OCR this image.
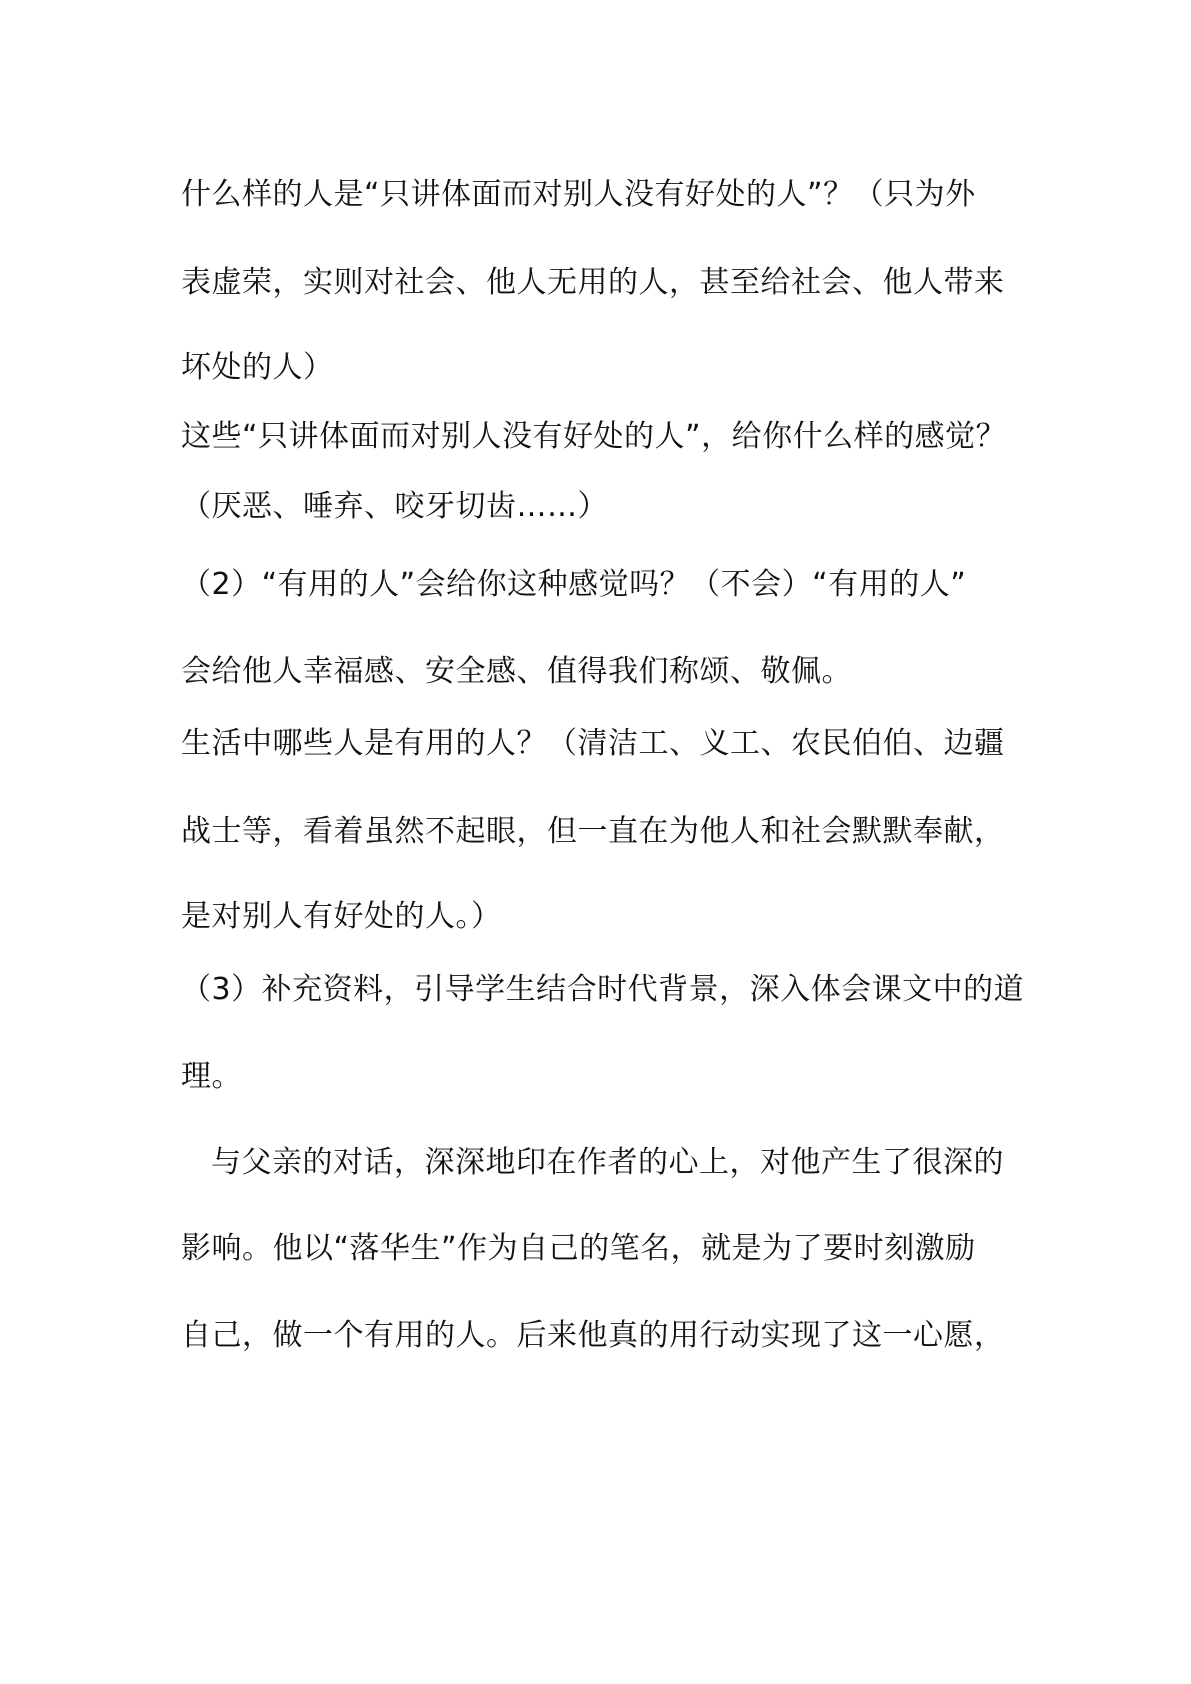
什么样的人是“只讲体面而对别人没有好处的人”？（只为外
表虚荣，实则对社会、他人无用的人，甚至给社会、他人带来
坏处的人）
这些“只讲体面而对别人没有好处的人”，给你什么样的感觉？
（厌恶、唾弃、咬牙切齿……）
（2）“有用的人”会给你这种感觉吗？（不会）“有用的人”
会给他人幸福感、安全感、值得我们称颂、敬佩。
生活中哪些人是有用的人？（清洁工、义工、农民伯伯、边疆
战士等，看着虽然不起眼，但一直在为他人和社会默默奉献，
是对别人有好处的人。）
（3）补充资料，引导学生结合时代背景，深入体会课文中的道
理。
与父亲的对话，深深地印在作者的心上，对他产生了很深的
影响。他以“落华生”作为自己的笔名，就是为了要时刻激励
自己，做一个有用的人。后来他真的用行动实现了这一心愿，
